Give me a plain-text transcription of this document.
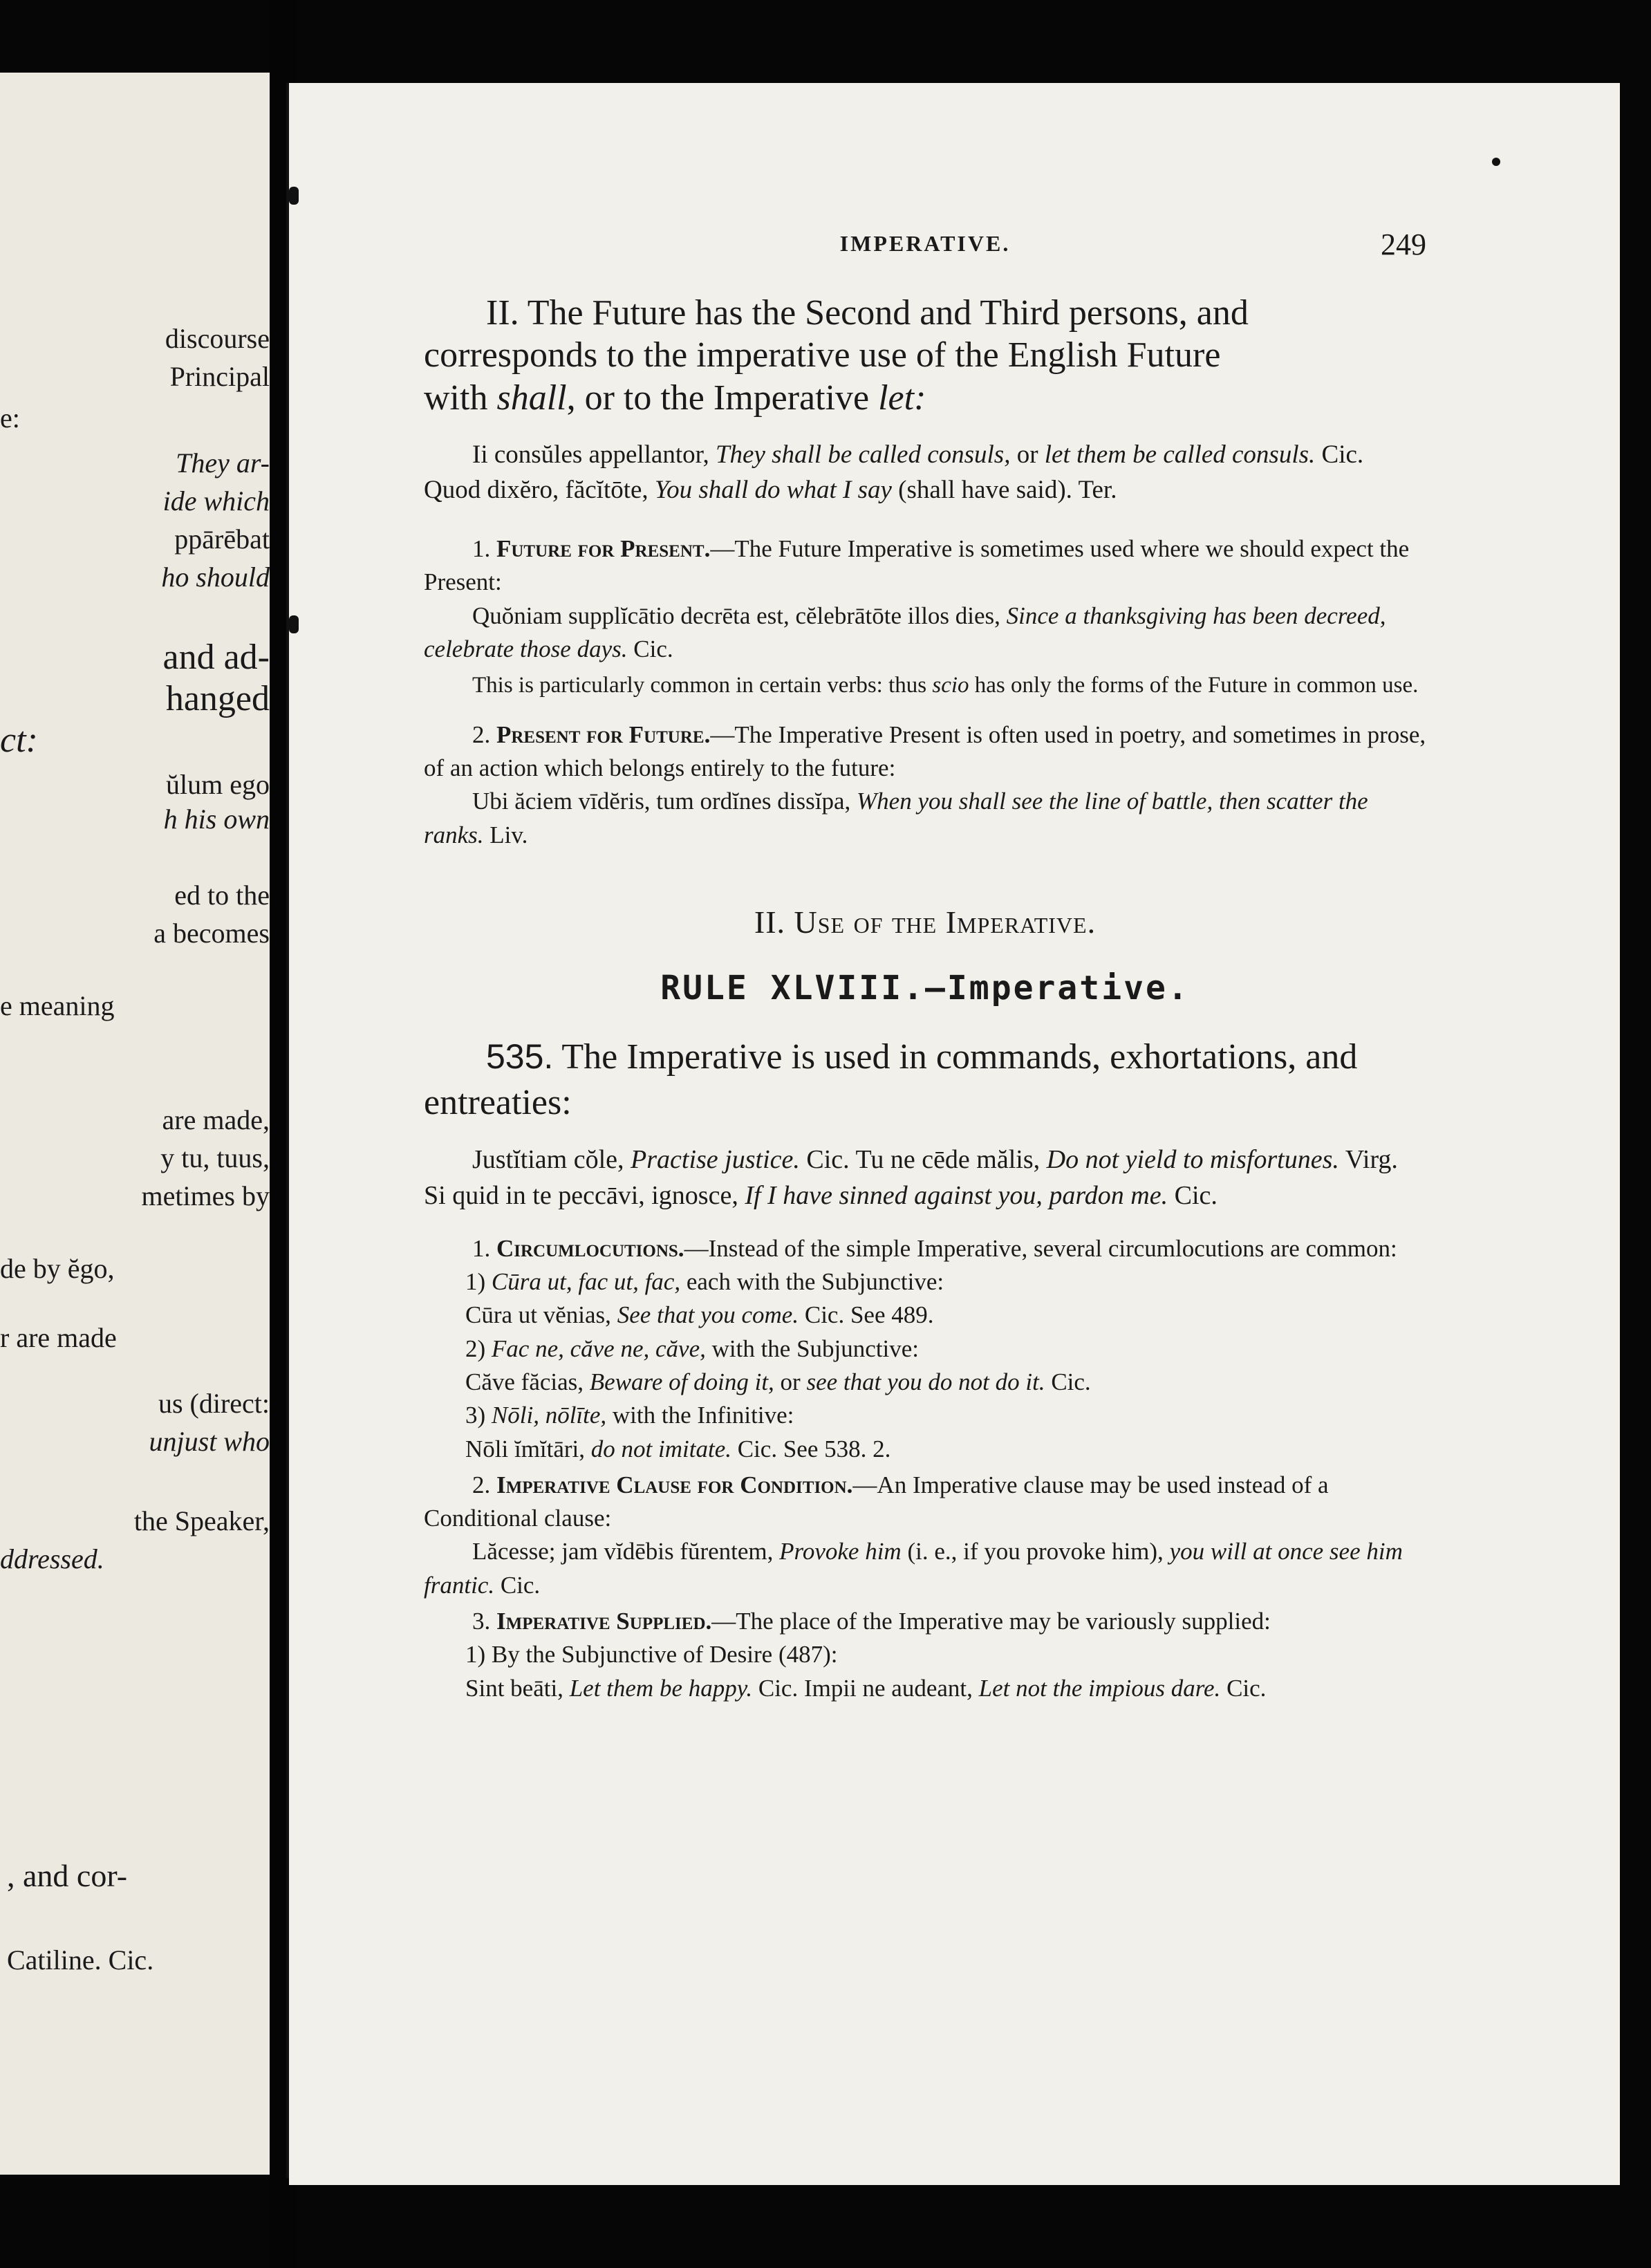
discourse
Principal
e:
They ar-
ide which
ppārēbat
ho should
and ad-
hanged
ct:
ŭlum ego
h his own
ed to the
a becomes
e meaning
are made,
y tu, tuus,
metimes by
de by ĕgo,
r are made
us (direct:
unjust who
the Speaker,
ddressed.
, and cor-
Catiline. Cic.
IMPERATIVE.	249
II. The Future has the Second and Third persons, and
corresponds to the imperative use of the English Future
with shall, or to the Imperative let:

Ii consŭles appellantor, They shall be called consuls, or let them be called consuls. Cic. Quod dixĕro, făcĭtōte, You shall do what I say (shall have said). Ter.

1. Future for Present.—The Future Imperative is sometimes used where we should expect the Present:

Quŏniam supplĭcātio decrēta est, cĕlebrātōte illos dies, Since a thanksgiving has been decreed, celebrate those days. Cic.

This is particularly common in certain verbs: thus scio has only the forms of the Future in common use.

2. Present for Future.—The Imperative Present is often used in poetry, and sometimes in prose, of an action which belongs entirely to the future:

Ubi ăciem vīdĕris, tum ordĭnes dissĭpa, When you shall see the line of battle, then scatter the ranks. Liv.

II. Use of the Imperative.
RULE XLVIII.—Imperative.

535. The Imperative is used in commands, exhortations, and entreaties:

Justĭtiam cŏle, Practise justice. Cic. Tu ne cēde mălis, Do not yield to misfortunes. Virg. Si quid in te peccāvi, ignosce, If I have sinned against you, pardon me. Cic.

1. Circumlocutions.—Instead of the simple Imperative, several circumlocutions are common:

1) Cūra ut, fac ut, fac, each with the Subjunctive:

Cūra ut vĕnias, See that you come. Cic. See 489.

2) Fac ne, căve ne, căve, with the Subjunctive:

Căve făcias, Beware of doing it, or see that you do not do it. Cic.

3) Nōli, nōlīte, with the Infinitive:

Nōli ĭmĭtāri, do not imitate. Cic. See 538. 2.

2. Imperative Clause for Condition.—An Imperative clause may be used instead of a Conditional clause:

Lăcesse; jam vĭdēbis fŭrentem, Provoke him (i. e., if you provoke him), you will at once see him frantic. Cic.

3. Imperative Supplied.—The place of the Imperative may be variously supplied:

1) By the Subjunctive of Desire (487):

Sint beāti, Let them be happy. Cic. Impii ne audeant, Let not the impious dare. Cic.
